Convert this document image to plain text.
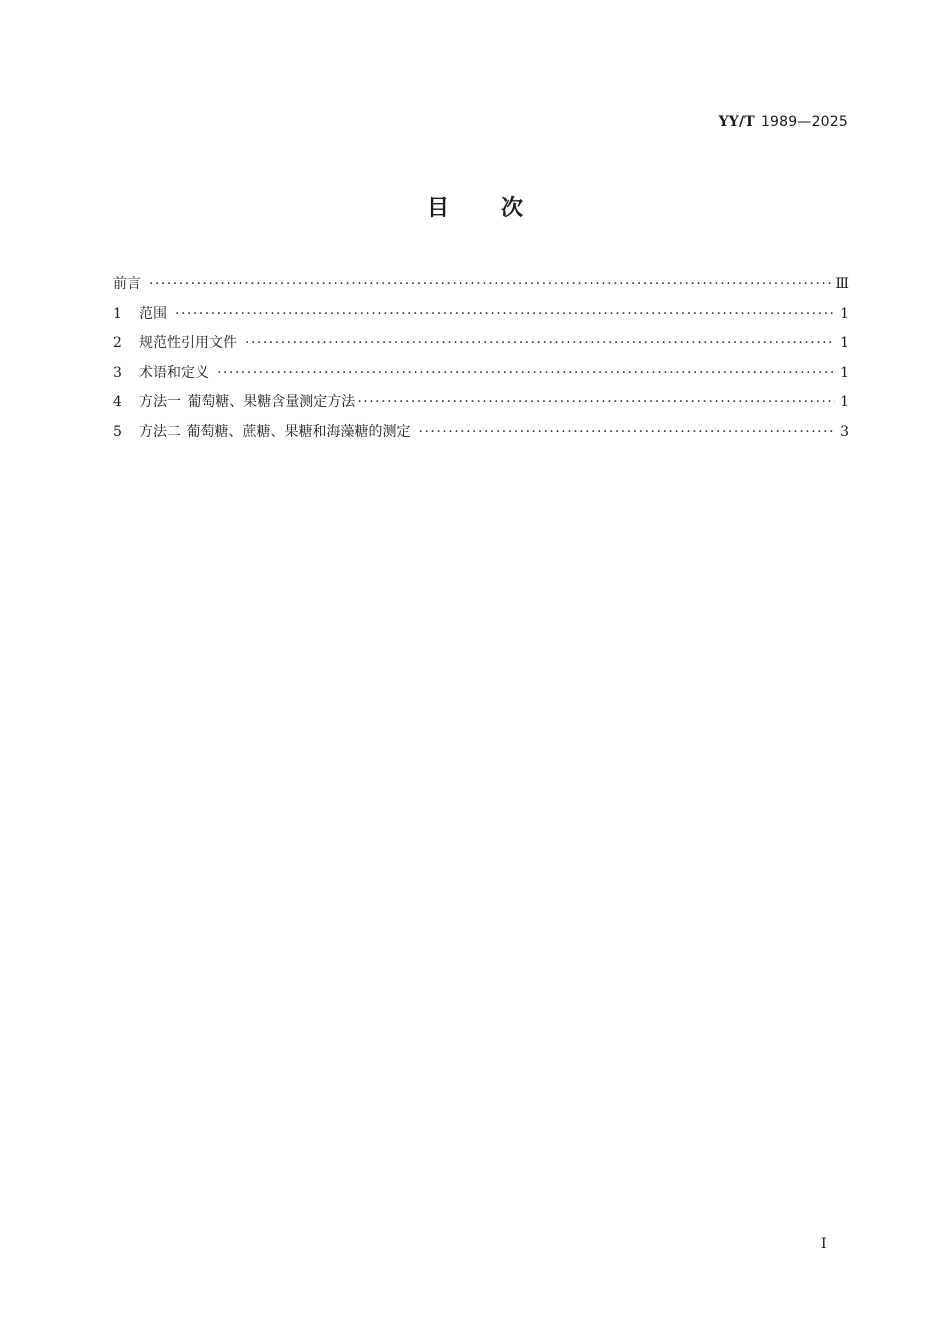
YY/T 1989—2025
目次
前言 ·····	Ⅲ
1	范围 ·····	1
2	规范性引用文件 ·····	1
3	术语和定义 ·····	1
4	方法一 葡萄糖、果糖含量测定方法 ·····	1
5	方法二 葡萄糖、蔗糖、果糖和海藻糖的测定 ·····	3
I
